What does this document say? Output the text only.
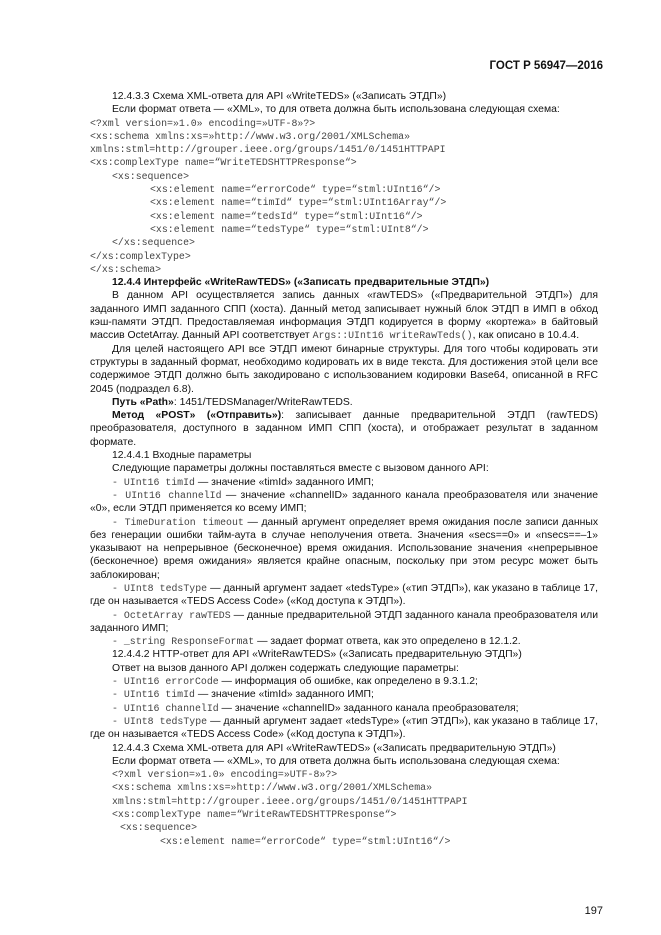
ГОСТ Р 56947—2016

12.4.3.3 Схема XML-ответа для API «WriteTEDS» («Записать ЭТДП»)

Если формат ответа — «XML», то для ответа должна быть использована следующая схема:

<?xml version=»1.0» encoding=»UTF-8»?>
<xs:schema xmlns:xs=»http://www.w3.org/2001/XMLSchema»
xmlns:stml=http://grouper.ieee.org/groups/1451/0/1451HTTPAPI
<xs:complexType name=“WriteTEDSHTTPResponse“>
<xs:sequence>
<xs:element name=“errorCode“ type=“stml:UInt16“/>
<xs:element name=“timId“ type=“stml:UInt16Array“/>
<xs:element name=“tedsId“ type=“stml:UInt16“/>
<xs:element name=“tedsType“ type=“stml:UInt8“/>
</xs:sequence>
</xs:complexType>
</xs:schema>

12.4.4 Интерфейс «WriteRawTEDS» («Записать предварительные ЭТДП»)

В данном API осуществляется запись данных «rawTEDS» («Предварительной ЭТДП») для заданного ИМП заданного СПП (хоста). Данный метод записывает нужный блок ЭТДП в ИМП в обход кэш-памяти ЭТДП. Предоставляемая информация ЭТДП кодируется в форму «кортежа» в байтовый массив OctetArray. Данный API соответствует Args::UInt16 writeRawTeds(), как описано в 10.4.4.

Для целей настоящего API все ЭТДП имеют бинарные структуры. Для того чтобы кодировать эти структуры в заданный формат, необходимо кодировать их в виде текста. Для достижения этой цели все содержимое ЭТДП должно быть закодировано с использованием кодировки Base64, описанной в RFC 2045 (подраздел 6.8).

Путь «Path»: 1451/TEDSManager/WriteRawTEDS.

Метод «POST» («Отправить»): записывает данные предварительной ЭТДП (rawTEDS) преобразователя, доступного в заданном ИМП СПП (хоста), и отображает результат в заданном формате.

12.4.4.1 Входные параметры

Следующие параметры должны поставляться вместе с вызовом данного API:

- UInt16 timId — значение «timId» заданного ИМП;

- UInt16 channelId — значение «channelID» заданного канала преобразователя или значение «0», если ЭТДП применяется ко всему ИМП;

- TimeDuration timeout — данный аргумент определяет время ожидания после записи данных без генерации ошибки тайм-аута в случае неполучения ответа. Значения «secs==0» и «nsecs==–1» указывают на непрерывное (бесконечное) время ожидания. Использование значения «непрерывное (бесконечное) время ожидания» является крайне опасным, поскольку при этом ресурс может быть заблокирован;

- UInt8 tedsType — данный аргумент задает «tedsType» («тип ЭТДП»), как указано в таблице 17, где он называется «TEDS Access Code» («Код доступа к ЭТДП»).

- OctetArray rawTEDS — данные предварительной ЭТДП заданного канала преобразователя или заданного ИМП;

- _string ResponseFormat — задает формат ответа, как это определено в 12.1.2.

12.4.4.2 HTTP-ответ для API «WriteRawTEDS» («Записать предварительную ЭТДП»)

Ответ на вызов данного API должен содержать следующие параметры:

- UInt16 errorCode — информация об ошибке, как определено в 9.3.1.2;

- UInt16 timId — значение «timId» заданного ИМП;

- UInt16 channelId — значение «channelID» заданного канала преобразователя;

- UInt8 tedsType — данный аргумент задает «tedsType» («тип ЭТДП»), как указано в таблице 17, где он называется «TEDS Access Code» («Код доступа к ЭТДП»).

12.4.4.3 Схема XML-ответа для API «WriteRawTEDS» («Записать предварительную ЭТДП»)

Если формат ответа — «XML», то для ответа должна быть использована следующая схема:

<?xml version=»1.0» encoding=»UTF-8»?>
<xs:schema xmlns:xs=»http://www.w3.org/2001/XMLSchema»
xmlns:stml=http://grouper.ieee.org/groups/1451/0/1451HTTPAPI
<xs:complexType name=“WriteRawTEDSHTTPResponse“>
<xs:sequence>
<xs:element name=“errorCode“ type=“stml:UInt16“/>
197
